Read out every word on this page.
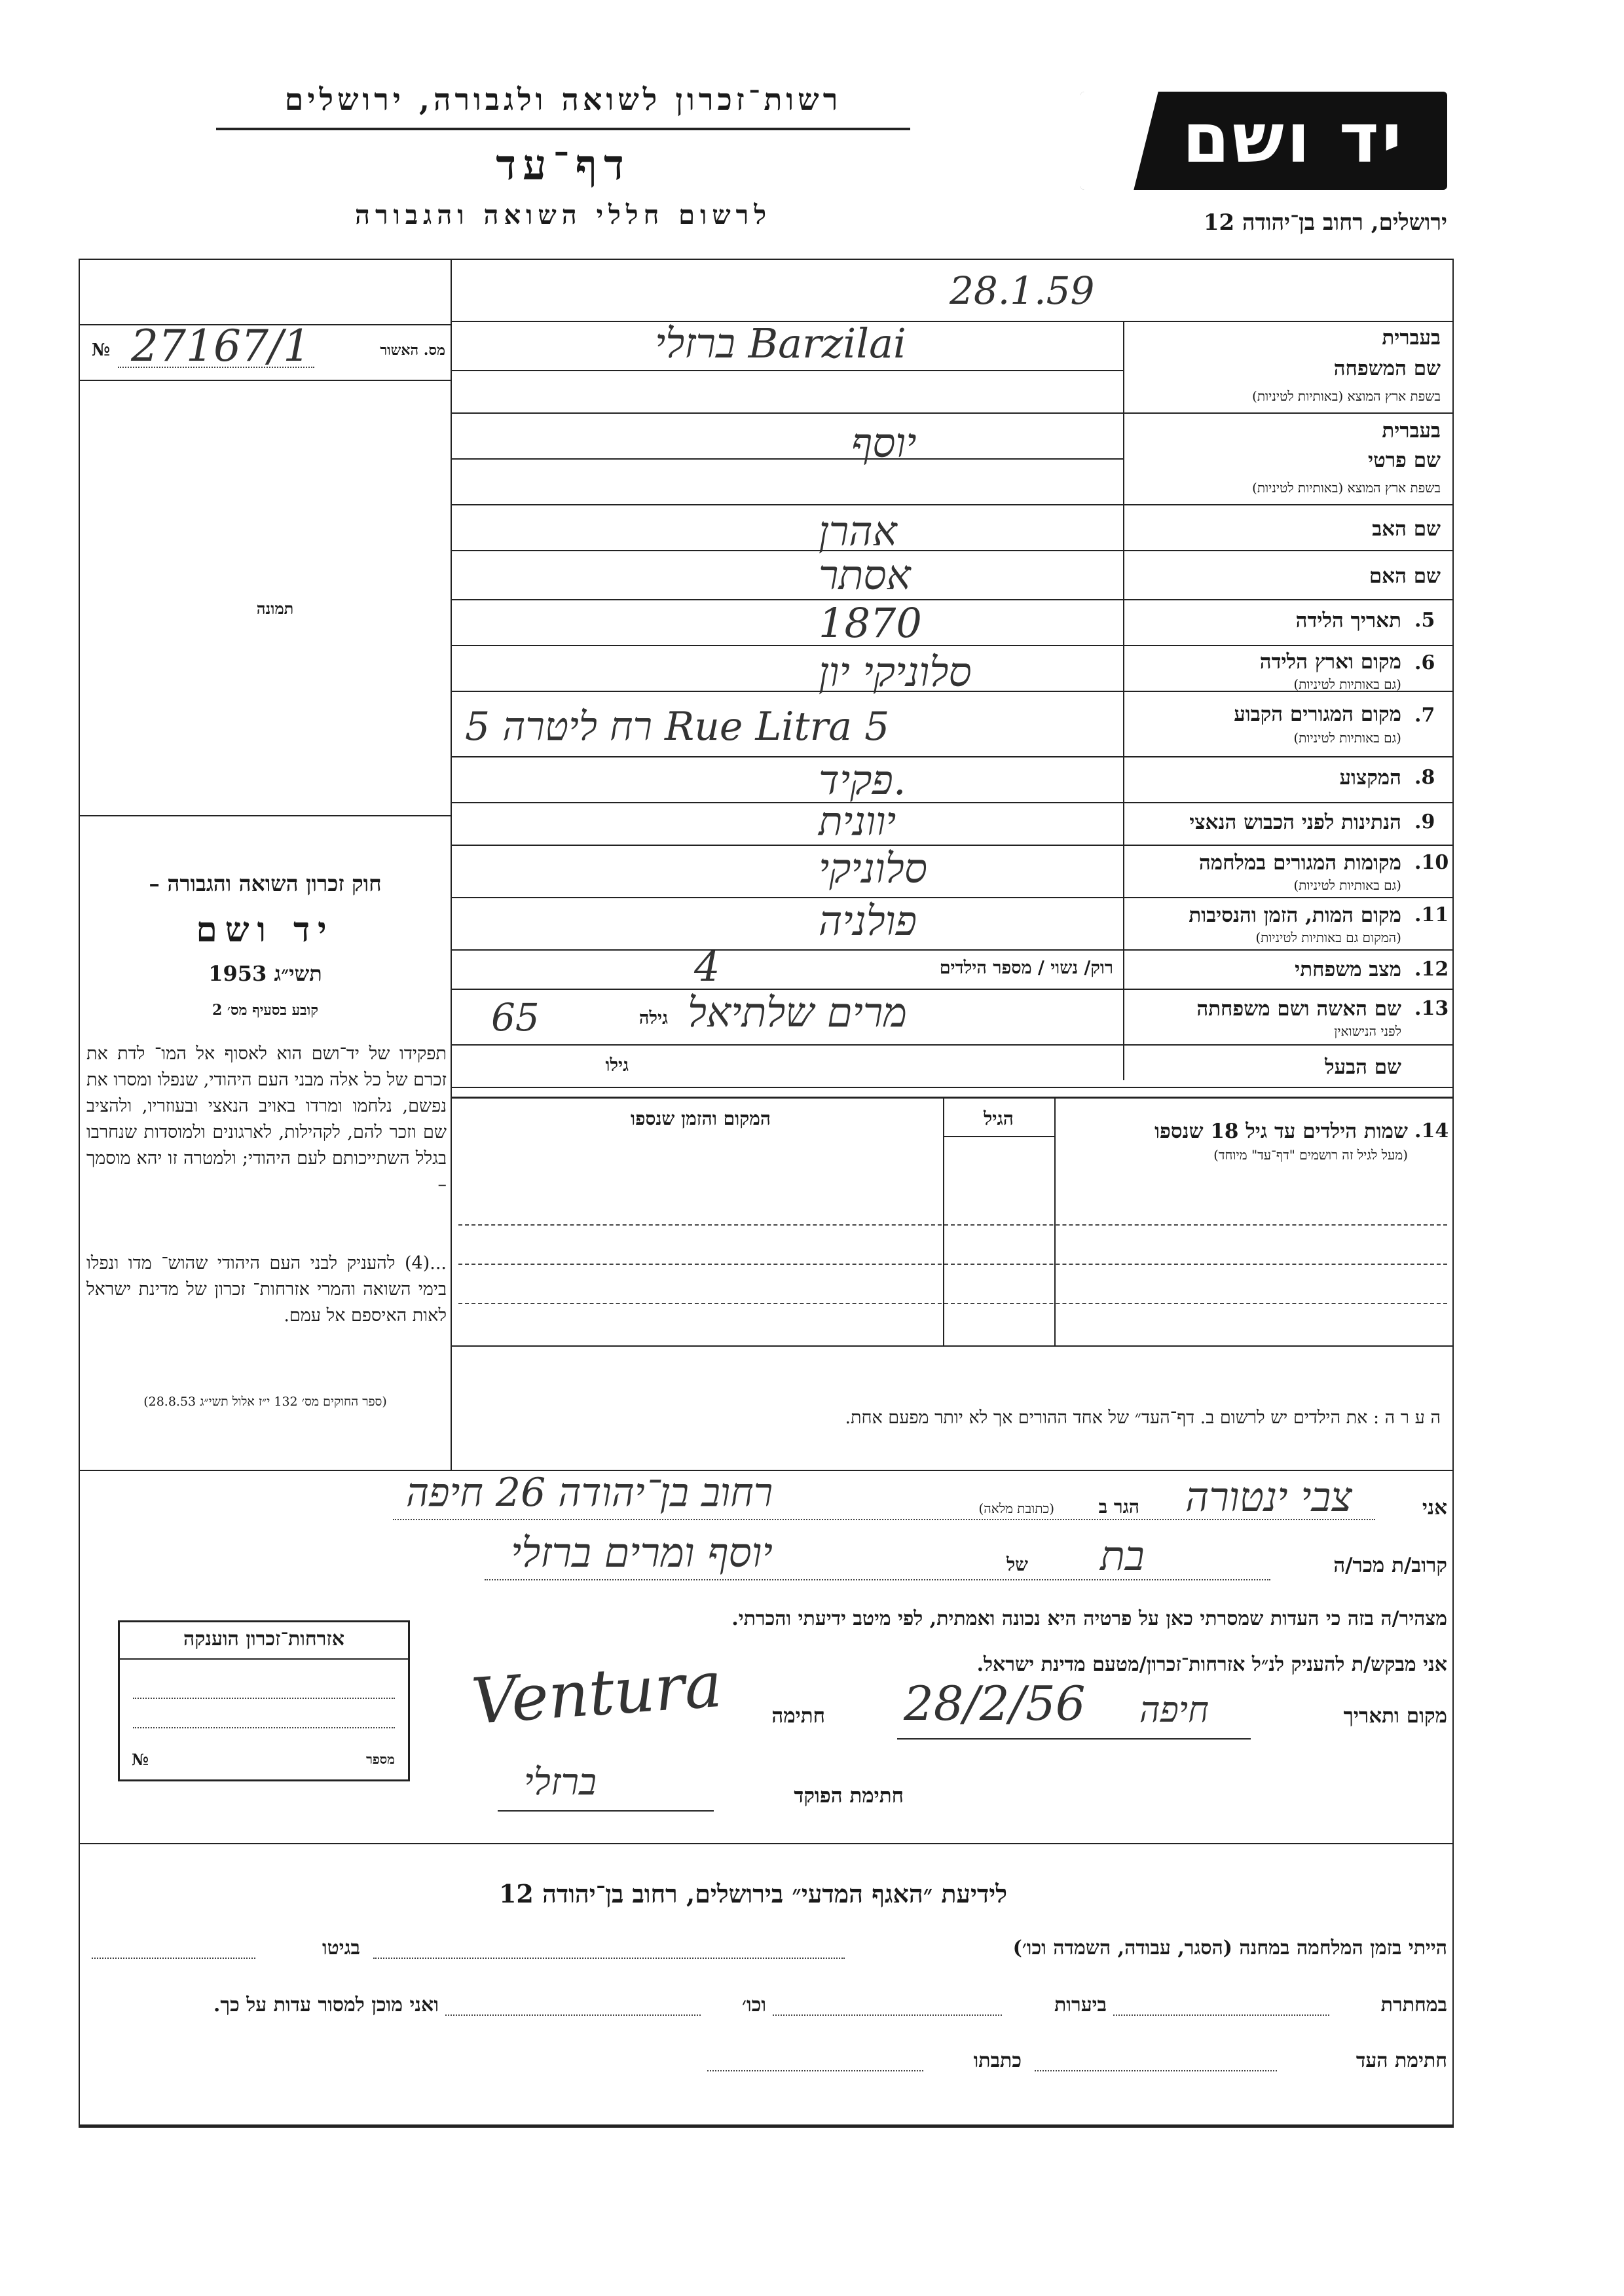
רשות־זכרון לשואה ולגבורה, ירושלים
דף־עד
לרשום חללי השואה והגבורה
יד ושם
ירושלים, רחוב בן־יהודה 12
מס. האשור
№ 27167/1
תמונה
חוק זכרון השואה והגבורה –
יד ושם
תשי״ג 1953
קובע בסעיף מס׳ 2
תפקידו של יד־ושם הוא לאסוף אל המו־ לדת את זכרם של כל אלה מבני העם היהודי, שנפלו ומסרו את נפשם, נלחמו ומרדו באויב הנאצי ובעוזריו, ולהציב שם וזכר להם, לקהילות, לארגונים ולמוסדות שנחרבו בגלל השתייכותם לעם היהודי; ולמטרה זו יהא מוסמך –
...(4) להעניק לבני העם היהודי שהוש־ מדו ונפלו בימי השואה והמרי אזרחות־ זכרון של מדינת ישראל לאות האיספם אל עמם.
(ספר החוקים מס׳ 132 י״ז אלול תשי״ג 28.8.53)
28.1.59
בעברית
שם המשפחה
בשפת ארץ המוצא (באותיות לטיניות)
ברזלי Barzilai
בעברית
שם פרטי
בשפת ארץ המוצא (באותיות לטיניות)
יוסף
שם האב
אהרן
שם האם
אסתר
.5
תאריך הלידה
1870
.6
מקום וארץ הלידה
(גם באותיות לטיניות)
סלוניקי יון
.7
מקום המגורים הקבוע
(גם באותיות לטיניות)
רח ליטרה 5 Rue Litra 5
.8
המקצוע
פקיד.
.9
הנתינות לפני הכבוש הנאצי
יוונית
.10
מקומות המגורים במלחמה
(גם באותיות לטיניות)
סלוניקי
.11
מקום המות, הזמן והנסיבות
(המקום גם באותיות לטיניות)
פולניה
.12
מצב משפחתי
רוק/ נשוי / מספר הילדים
4
.13
שם האשה ושם משפחתה
לפני הנישואין
מרים שלתיאל
גילה
65
שם הבעל
גילו
.14
שמות הילדים עד גיל 18 שנספו
(מעל לגיל זה רושמים "דף־עד" מיוחד)
הגיל
המקום והזמן שנספו
ה ע ר ה : את הילדים יש לרשום ב. דף־העד״ של אחד ההורים אך לא יותר מפעם אחת.
אני
צבי ינטורה
הגר ב
(כתובת מלאה)
רחוב בן־יהודה 26 חיפה
קרוב/ת מכר/ה
בת
של
יוסף ומרים ברזלי
מצהיר/ה בזה כי העדות שמסרתי כאן על פרטיה היא נכונה ואמתית, לפי מיטב ידיעתי והכרתי.
אני מבקש/ת להעניק לנ״ל אזרחות־זכרון/מטעם מדינת ישראל.
מקום ותאריך
חיפה
28/2/56
חתימה
Ventura
חתימת הפוקד
ברזלי
אזרחות־זכרון הוענקה
מספר
№
לידיעת ״האגף המדעי״ בירושלים, רחוב בן־יהודה 12
הייתי בזמן המלחמה במחנה (הסגר, עבודה, השמדה וכו׳)
בגיטו
במחתרת
ביערות
וכו׳
ואני מוכן למסור עדות על כך.
חתימת העד
כתבתו
